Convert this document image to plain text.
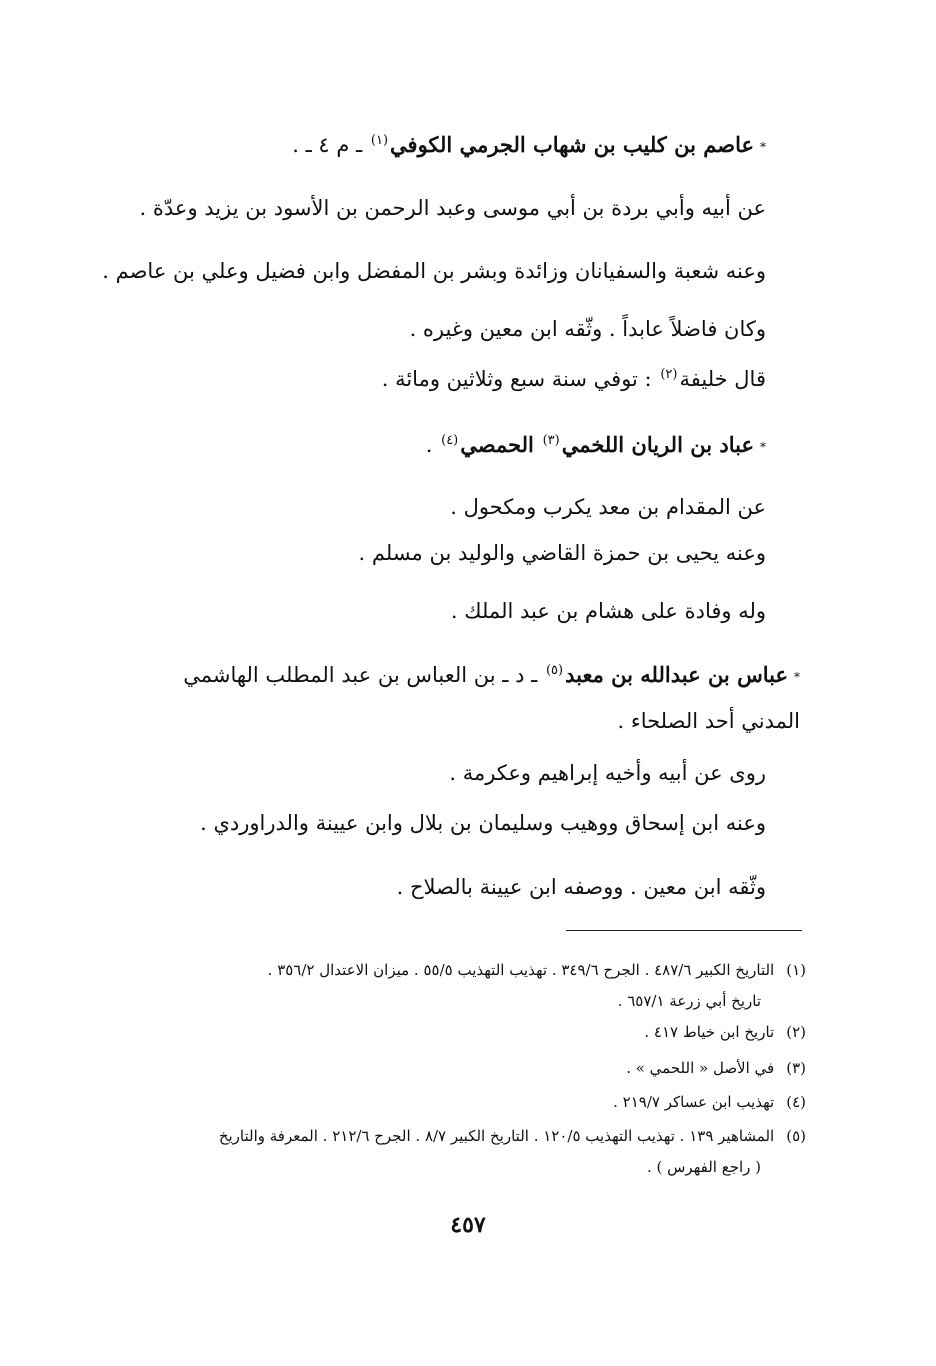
*عاصم بن كليب بن شهاب الجرمي الكوفي$^{(١)}$ ـ م ٤ ـ .
عن أبيه وأبي بردة بن أبي موسى وعبد الرحمن بن الأسود بن يزيد وعدّة .
وعنه شعبة والسفيانان وزائدة وبشر بن المفضل وابن فضيل وعلي بن عاصم .
وكان فاضلاً عابداً . وثّقه ابن معين وغيره .
قال خليفة$^{(٢)}$ : توفي سنة سبع وثلاثين ومائة .
*عباد بن الريان اللخمي$^{(٣)}$ الحمصي$^{(٤)}$ .
عن المقدام بن معد يكرب ومكحول .
وعنه يحيى بن حمزة القاضي والوليد بن مسلم .
وله وفادة على هشام بن عبد الملك .
*عباس بن عبدالله بن معبد$^{(٥)}$ ـ د ـ بن العباس بن عبد المطلب الهاشمي
المدني أحد الصلحاء .
روى عن أبيه وأخيه إبراهيم وعكرمة .
وعنه ابن إسحاق ووهيب وسليمان بن بلال وابن عيينة والدراوردي .
وثّقه ابن معين . ووصفه ابن عيينة بالصلاح .
(١)التاريخ الكبير ٤٨٧/٦ . الجرح ٣٤٩/٦ . تهذيب التهذيب ٥٥/٥ . ميزان الاعتدال ٣٥٦/٢ .
تاريخ أبي زرعة ٦٥٧/١ .
(٢)تاريخ ابن خياط ٤١٧ .
(٣)في الأصل « اللحمي » .
(٤)تهذيب ابن عساكر ٢١٩/٧ .
(٥)المشاهير ١٣٩ . تهذيب التهذيب ١٢٠/٥ . التاريخ الكبير ٨/٧ . الجرح ٢١٢/٦ . المعرفة والتاريخ
( راجع الفهرس ) .
٤٥٧
